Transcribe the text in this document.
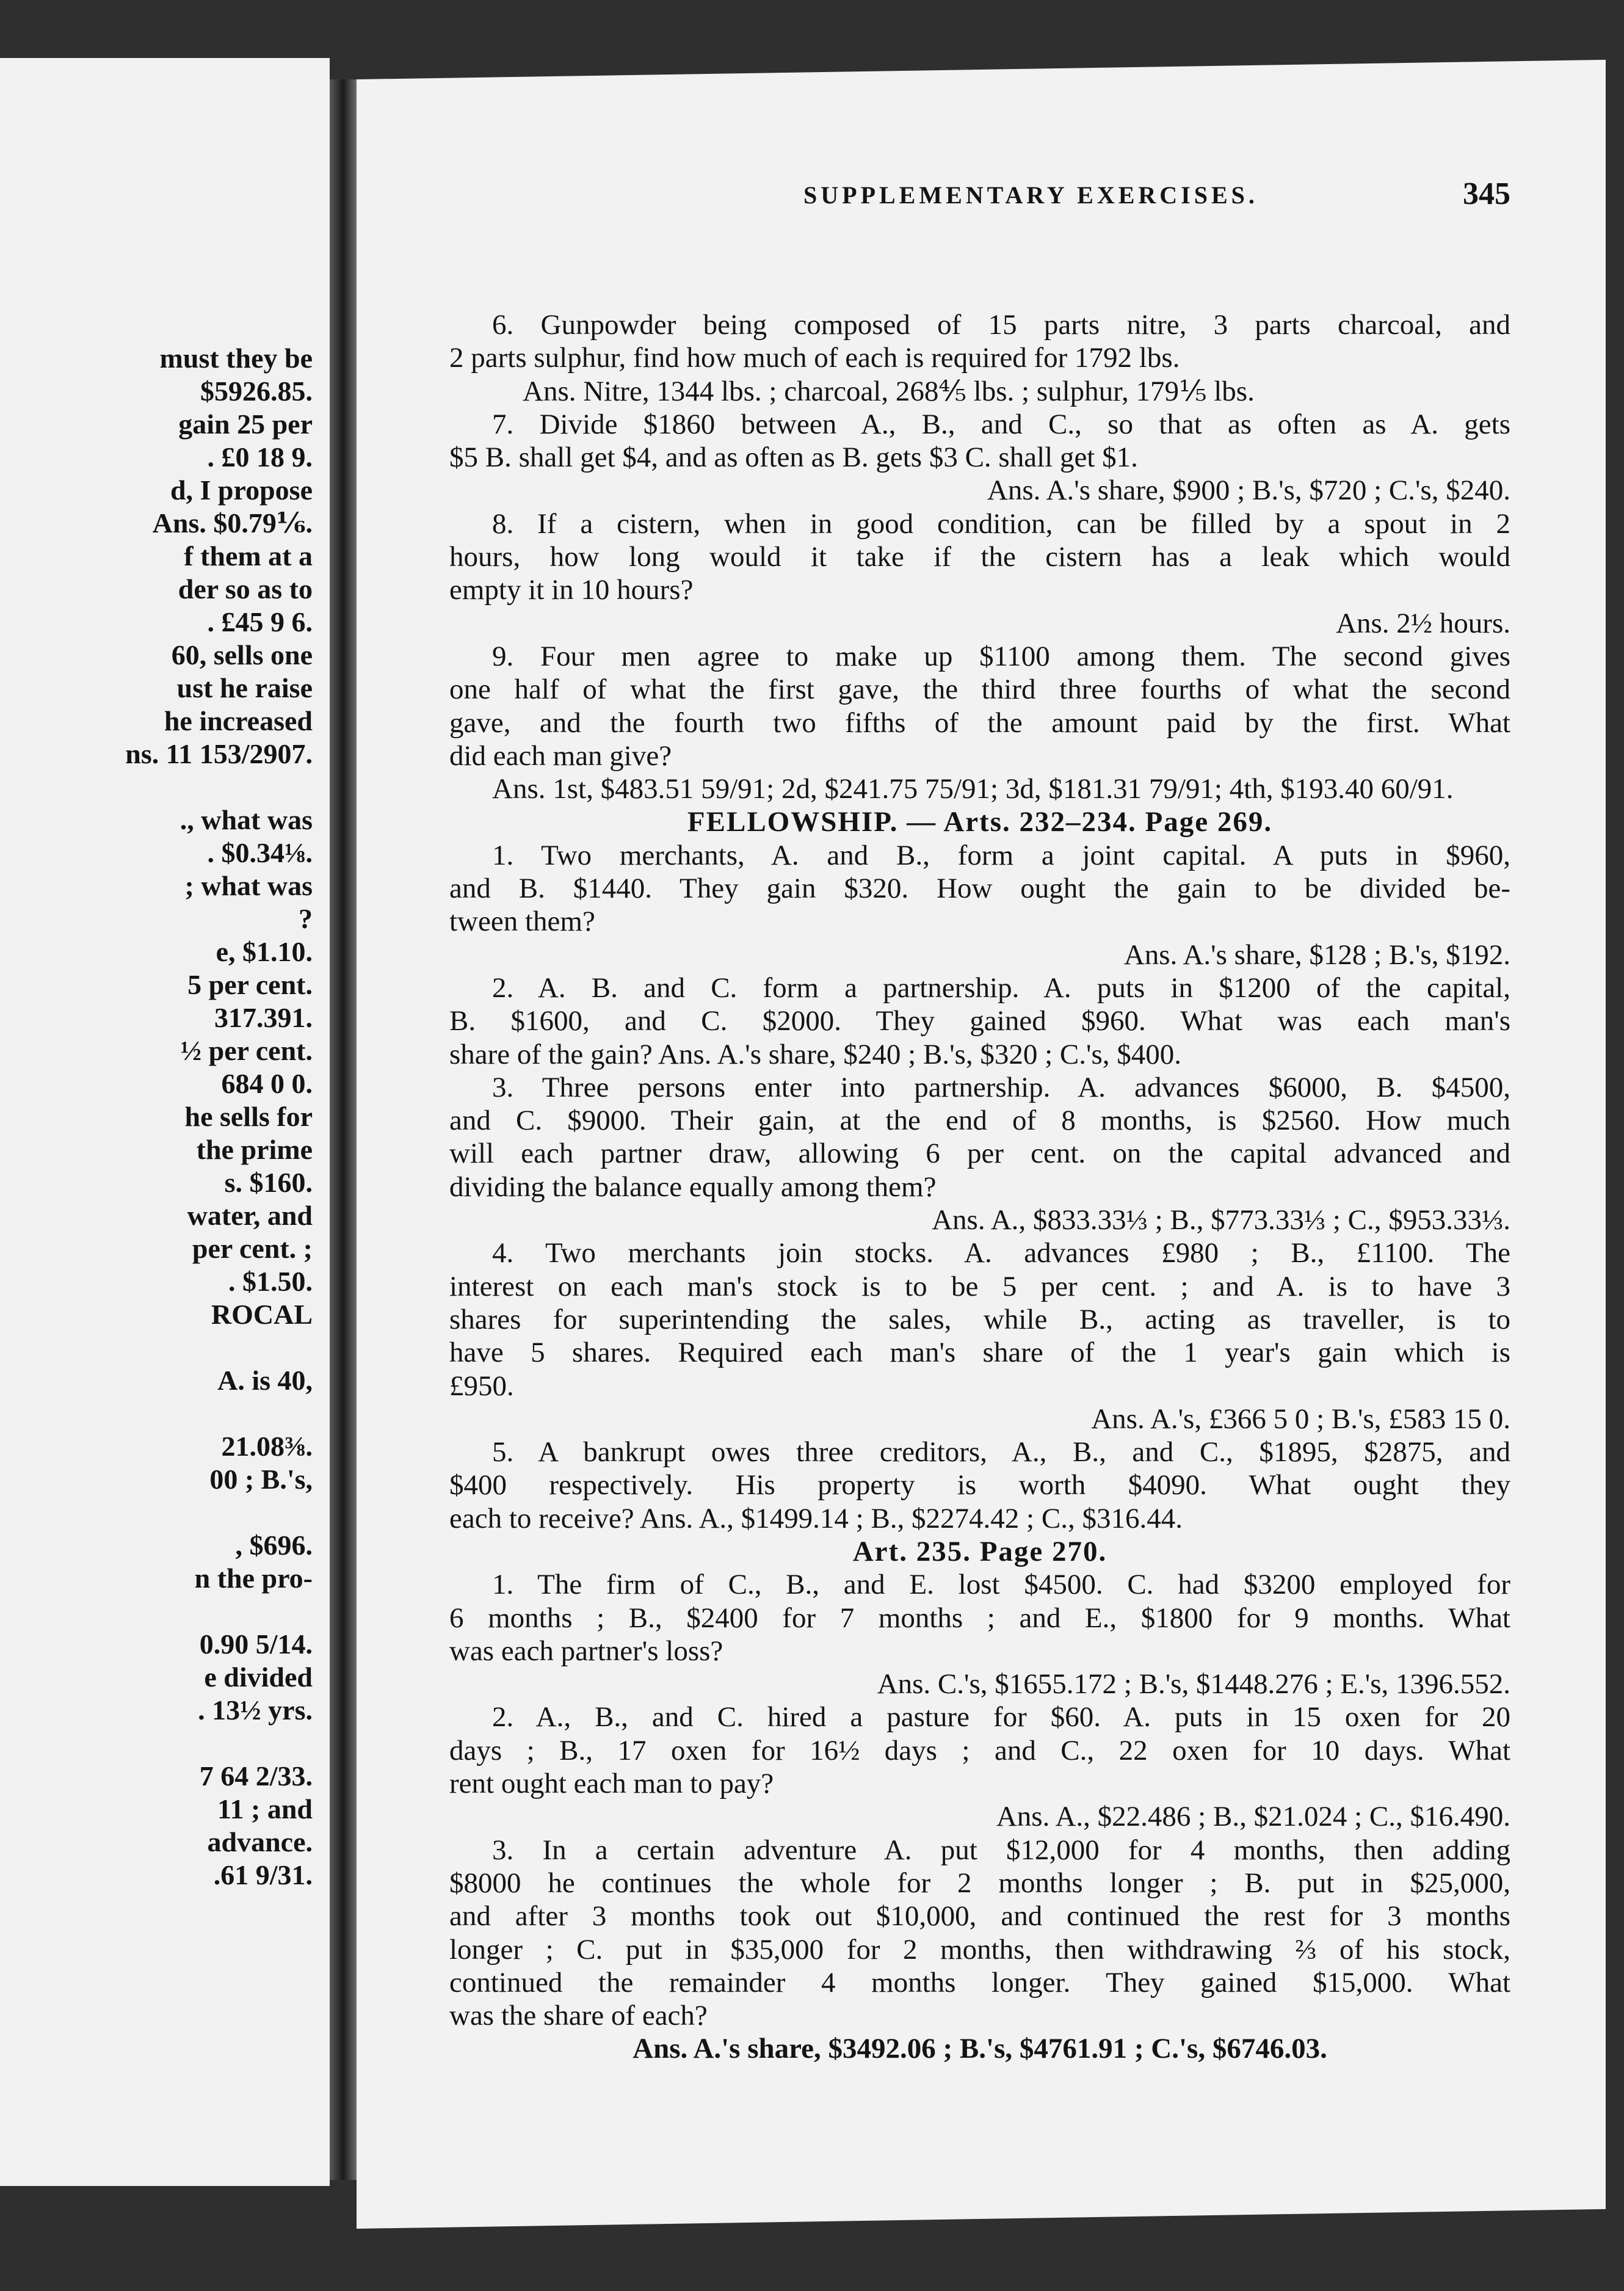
must they be
$5926.85.
gain 25 per
. £0 18 9.
d, I propose
Ans. $0.79⅙.
f them at a
der so as to
. £45 9 6.
60, sells one
ust he raise
he increased
ns. 11 153/2907.
., what was
. $0.34⅛.
; what was
?
e, $1.10.
5 per cent.
317.391.
½ per cent.
684 0 0.
he sells for
the prime
s. $160.
water, and
per cent. ;
. $1.50.
ROCAL
A. is 40,
21.08⅜.
00 ; B.'s,
, $696.
n the pro-
0.90 5/14.
e divided
. 13½ yrs.
7 64 2/33.
11 ; and
advance.
.61 9/31.
SUPPLEMENTARY EXERCISES.	345
6. Gunpowder being composed of 15 parts nitre, 3 parts charcoal, and
2 parts sulphur, find how much of each is required for 1792 lbs.
Ans. Nitre, 1344 lbs. ; charcoal, 268⅘ lbs. ; sulphur, 179⅕ lbs.
7. Divide $1860 between A., B., and C., so that as often as A. gets
$5 B. shall get $4, and as often as B. gets $3 C. shall get $1.
Ans. A.'s share, $900 ; B.'s, $720 ; C.'s, $240.
8. If a cistern, when in good condition, can be filled by a spout in 2
hours, how long would it take if the cistern has a leak which would
empty it in 10 hours?
Ans. 2½ hours.
9. Four men agree to make up $1100 among them. The second gives
one half of what the first gave, the third three fourths of what the second
gave, and the fourth two fifths of the amount paid by the first. What
did each man give?
Ans. 1st, $483.51 59/91; 2d, $241.75 75/91; 3d, $181.31 79/91; 4th, $193.40 60/91.
FELLOWSHIP. — Arts. 232–234. Page 269.
1. Two merchants, A. and B., form a joint capital. A puts in $960,
and B. $1440. They gain $320. How ought the gain to be divided be-
tween them?
Ans. A.'s share, $128 ; B.'s, $192.
2. A. B. and C. form a partnership. A. puts in $1200 of the capital,
B. $1600, and C. $2000. They gained $960. What was each man's
share of the gain? Ans. A.'s share, $240 ; B.'s, $320 ; C.'s, $400.
3. Three persons enter into partnership. A. advances $6000, B. $4500,
and C. $9000. Their gain, at the end of 8 months, is $2560. How much
will each partner draw, allowing 6 per cent. on the capital advanced and
dividing the balance equally among them?
Ans. A., $833.33⅓ ; B., $773.33⅓ ; C., $953.33⅓.
4. Two merchants join stocks. A. advances £980 ; B., £1100. The
interest on each man's stock is to be 5 per cent. ; and A. is to have 3
shares for superintending the sales, while B., acting as traveller, is to
have 5 shares. Required each man's share of the 1 year's gain which is
£950.
Ans. A.'s, £366 5 0 ; B.'s, £583 15 0.
5. A bankrupt owes three creditors, A., B., and C., $1895, $2875, and
$400 respectively. His property is worth $4090. What ought they
each to receive? Ans. A., $1499.14 ; B., $2274.42 ; C., $316.44.
Art. 235. Page 270.
1. The firm of C., B., and E. lost $4500. C. had $3200 employed for
6 months ; B., $2400 for 7 months ; and E., $1800 for 9 months. What
was each partner's loss?
Ans. C.'s, $1655.172 ; B.'s, $1448.276 ; E.'s, 1396.552.
2. A., B., and C. hired a pasture for $60. A. puts in 15 oxen for 20
days ; B., 17 oxen for 16½ days ; and C., 22 oxen for 10 days. What
rent ought each man to pay?
Ans. A., $22.486 ; B., $21.024 ; C., $16.490.
3. In a certain adventure A. put $12,000 for 4 months, then adding
$8000 he continues the whole for 2 months longer ; B. put in $25,000,
and after 3 months took out $10,000, and continued the rest for 3 months
longer ; C. put in $35,000 for 2 months, then withdrawing ⅔ of his stock,
continued the remainder 4 months longer. They gained $15,000. What
was the share of each?
Ans. A.'s share, $3492.06 ; B.'s, $4761.91 ; C.'s, $6746.03.
